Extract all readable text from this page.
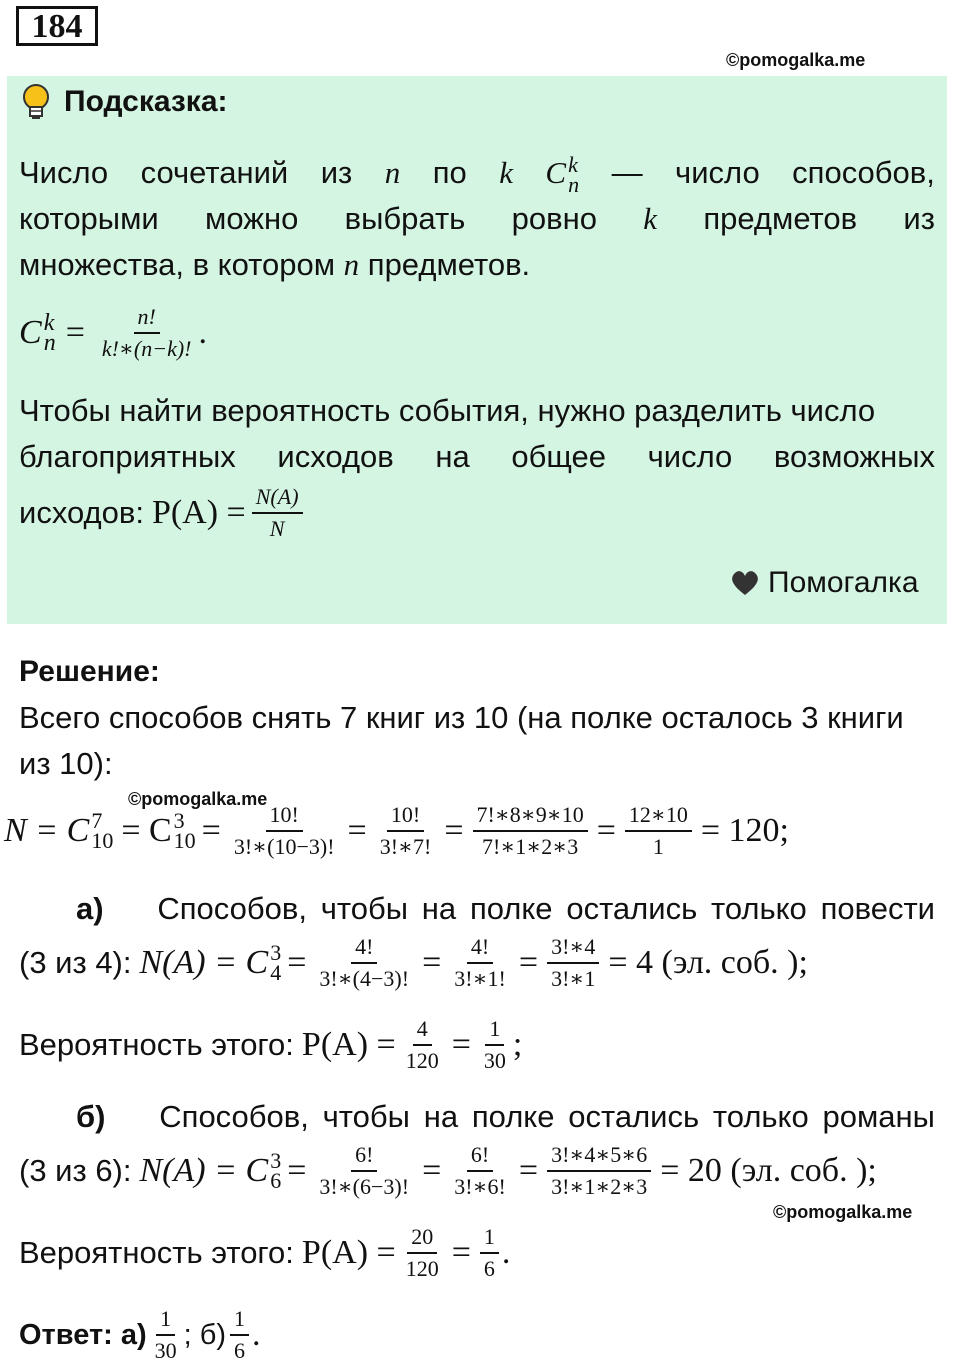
184
©pomogalka.me
Подсказка:
Число сочетаний из n по k C k
n — число способов,
которыми можно выбрать ровно k предметов из
множества, в котором n предметов.
C k
$n = \frac{n!}{k!∗(n-k)!}$ .
Чтобы найти вероятность события, нужно разделить число
благоприятных исходов на общее число возможных
исходов: $P(A) = \frac{N(A)}{N}$
Помогалка
Решение:
Всего способов снять 7 книг из 10 (на полке осталось 3 книги
из 10):
©pomogalka.me
N = C 7
10 = C 3
$10 = \frac{10!}{3!∗(10-3)!} = \frac{10!}{3!∗7!} = \frac{7!∗8∗9∗10}{7!∗1∗2∗3} = \frac{12∗10}{1} = 120$;
а)	Способов, чтобы на полке остались только повести
(3 из 4): N(A) = C 3
$4 = \frac{4!}{3!∗(4-3)!} = \frac{4!}{3!∗1!} = \frac{3!∗4}{3!∗1} = 4$ (эл. соб. );
Вероятность этого: $P(A) = \frac{4}{120} = \frac{1}{30}$ ;
б)	Способов, чтобы на полке остались только романы
(3 из 6): N(A) = C 3
$6 = \frac{6!}{3!∗(6-3)!} = \frac{6!}{3!∗6!} = \frac{3!∗4∗5∗6}{3!∗1∗2∗3} = 20$ (эл. соб. );
©pomogalka.me
Вероятность этого: $P(A) = \frac{20}{120} = \frac{1}{6}$ .
Ответ: $а) \frac{1}{30}$ ; $б) \frac{1}{6}$ .
